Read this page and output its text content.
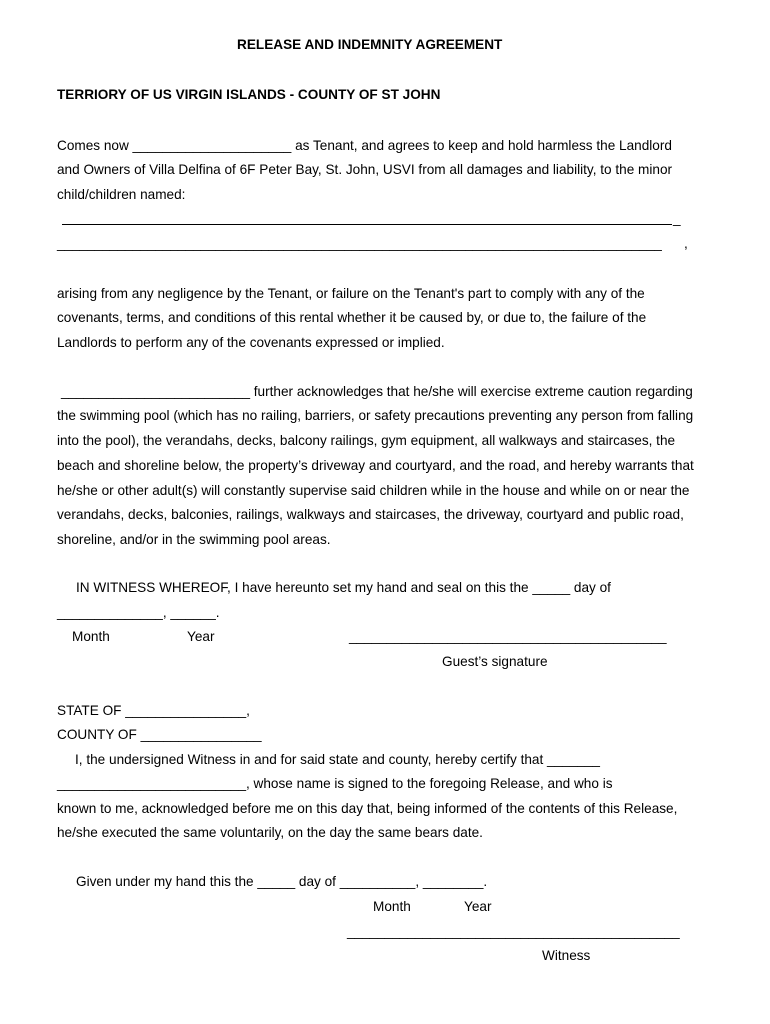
RELEASE AND INDEMNITY AGREEMENT
TERRIORY OF US VIRGIN ISLANDS - COUNTY OF ST JOHN
Comes now _____________________ as Tenant, and agrees to keep and hold harmless the Landlord
and Owners of Villa Delfina of 6F Peter Bay, St. John, USVI from all damages and liability, to the minor
child/children named:
_
________________________________________________________________________________ ,
arising from any negligence by the Tenant, or failure on the Tenant's part to comply with any of the
covenants, terms, and conditions of this rental whether it be caused by, or due to, the failure of the
Landlords to perform any of the covenants expressed or implied.
_________________________ further acknowledges that he/she will exercise extreme caution regarding
the swimming pool (which has no railing, barriers, or safety precautions preventing any person from falling
into the pool), the verandahs, decks, balcony railings, gym equipment, all walkways and staircases, the
beach and shoreline below, the property’s driveway and courtyard, and the road, and hereby warrants that
he/she or other adult(s) will constantly supervise said children while in the house and while on or near the
verandahs, decks, balconies, railings, walkways and staircases, the driveway, courtyard and public road,
shoreline, and/or in the swimming pool areas.
IN WITNESS WHEREOF, I have hereunto set my hand and seal on this the _____ day of
______________, ______.
Month	Year	__________________________________________
Guest’s signature
STATE OF ________________,
COUNTY OF ________________
I, the undersigned Witness in and for said state and county, hereby certify that _______
_________________________, whose name is signed to the foregoing Release, and who is
known to me, acknowledged before me on this day that, being informed of the contents of this Release,
he/she executed the same voluntarily, on the day the same bears date.
Given under my hand this the _____ day of __________, ________.
Month	Year
____________________________________________
Witness
